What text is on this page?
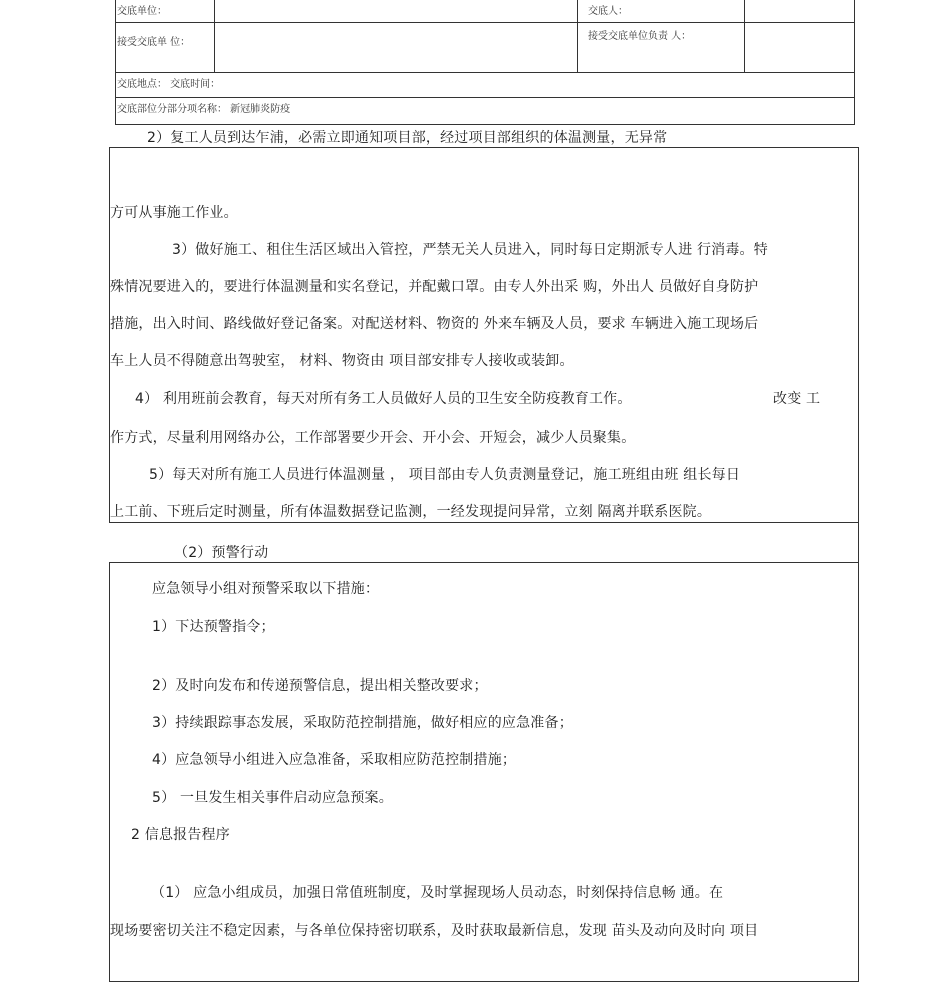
交底单位：	交底人：
接受交底单 位：
接受交底单位负责 人：
交底地点： 交底时间：
交底部位分部分项名称： 新冠肺炎防疫
2）复工人员到达乍浦，必需立即通知项目部，经过项目部组织的体温测量，无异常
方可从事施工作业。
3）做好施工、租住生活区域出入管控，严禁无关人员进入，同时每日定期派专人进 行消毒。特
殊情况要进入的，要进行体温测量和实名登记，并配戴口罩。由专人外出采 购，外出人 员做好自身防护
措施，出入时间、路线做好登记备案。对配送材料、物资的 外来车辆及人员，要求 车辆进入施工现场后
车上人员不得随意出驾驶室， 材料、物资由 项目部安排专人接收或装卸。
4） 利用班前会教育，每天对所有务工人员做好人员的卫生安全防疫教育工作。	改变 工
作方式，尽量利用网络办公，工作部署要少开会、开小会、开短会，减少人员聚集。
5）每天对所有施工人员进行体温测量 ， 项目部由专人负责测量登记，施工班组由班 组长每日
上工前、下班后定时测量，所有体温数据登记监测，一经发现提问异常，立刻 隔离并联系医院。
（2）预警行动
应急领导小组对预警采取以下措施：
1）下达预警指令；
2）及时向发布和传递预警信息，提出相关整改要求；
3）持续跟踪事态发展，采取防范控制措施，做好相应的应急准备；
4）应急领导小组进入应急准备，采取相应防范控制措施；
5） 一旦发生相关事件启动应急预案。
2 信息报告程序
（1） 应急小组成员，加强日常值班制度，及时掌握现场人员动态，时刻保持信息畅 通。在
现场要密切关注不稳定因素，与各单位保持密切联系，及时获取最新信息，发现 苗头及动向及时向 项目
